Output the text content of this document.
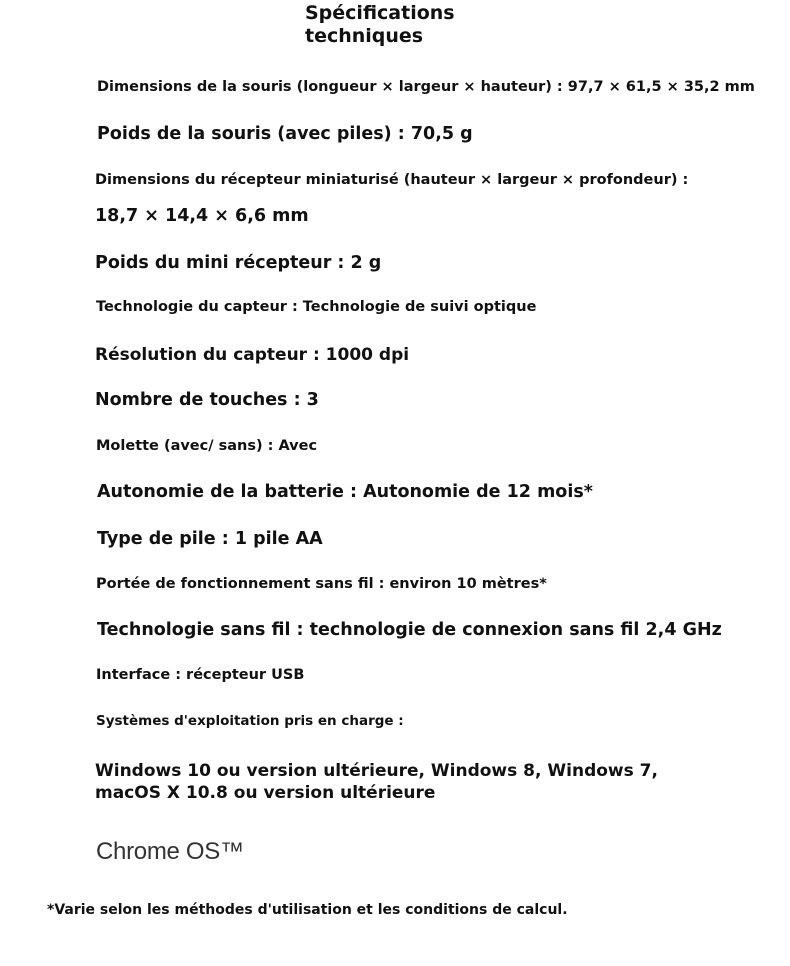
Spécifications techniques
Dimensions de la souris (longueur × largeur × hauteur) : 97,7 × 61,5 × 35,2 mm
Poids de la souris (avec piles) : 70,5 g
Dimensions du récepteur miniaturisé (hauteur × largeur × profondeur) :
18,7 × 14,4 × 6,6 mm
Poids du mini récepteur : 2 g
Technologie du capteur : Technologie de suivi optique
Résolution du capteur : 1000 dpi
Nombre de touches : 3
Molette (avec/ sans) : Avec
Autonomie de la batterie : Autonomie de 12 mois*
Type de pile : 1 pile AA
Portée de fonctionnement sans fil : environ 10 mètres*
Technologie sans fil : technologie de connexion sans fil 2,4 GHz
Interface : récepteur USB
Systèmes d'exploitation pris en charge :
Windows 10 ou version ultérieure, Windows 8, Windows 7, macOS X 10.8 ou version ultérieure
Chrome OS™
*Varie selon les méthodes d'utilisation et les conditions de calcul.
